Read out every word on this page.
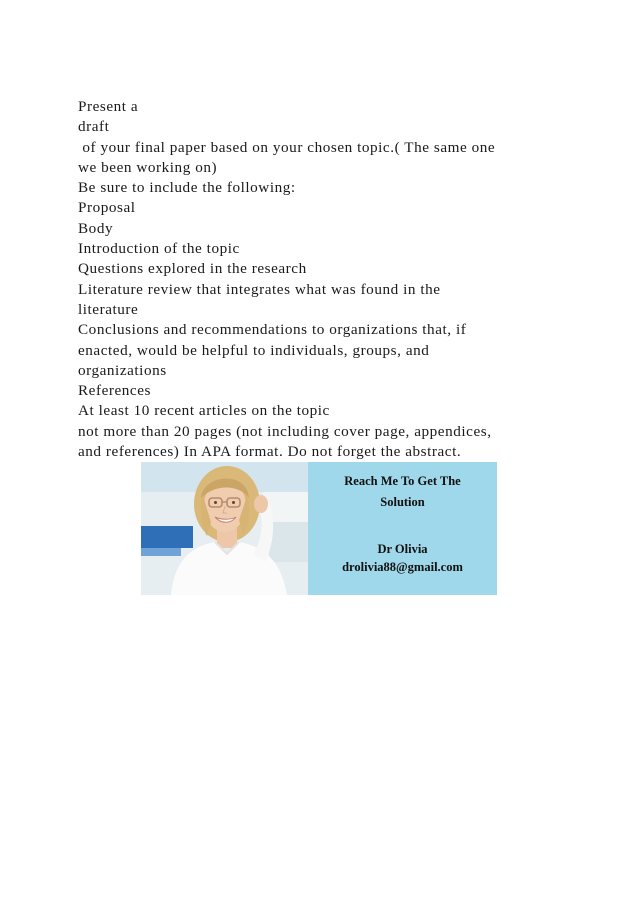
Present a
draft
of your final paper based on your chosen topic.( The same one
we been working on)
Be sure to include the following:
Proposal
Body
Introduction of the topic
Questions explored in the research
Literature review that integrates what was found in the
literature
Conclusions and recommendations to organizations that, if
enacted, would be helpful to individuals, groups, and
organizations
References
At least 10 recent articles on the topic
not more than 20 pages (not including cover page, appendices,
and references) In APA format. Do not forget the abstract.
Reach Me To Get The
Solution
Dr Olivia
drolivia88@gmail.com
